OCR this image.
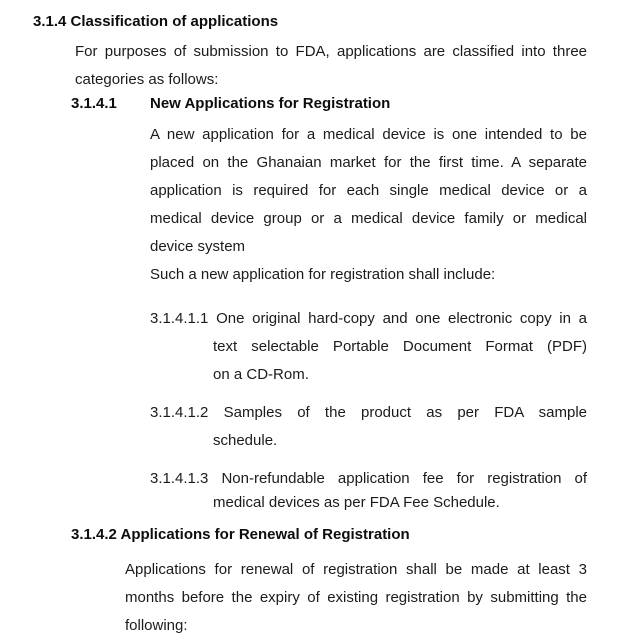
3.1.4 Classification of applications
For purposes of submission to FDA, applications are classified into three
categories as follows:
3.1.4.1	New Applications for Registration
A new application for a medical device is one intended to be
placed on the Ghanaian market for the first time. A separate
application is required for each single medical device or a
medical device group or a medical device family or medical
device system
Such a new application for registration shall include:
3.1.4.1.1 One original hard-copy and one electronic copy in a
text selectable Portable Document Format (PDF)
on a CD-Rom.
3.1.4.1.2 Samples of the product as per FDA sample
schedule.
3.1.4.1.3 Non-refundable application fee for registration of
medical devices as per FDA Fee Schedule.
3.1.4.2 Applications for Renewal of Registration
Applications for renewal of registration shall be made at least 3
months before the expiry of existing registration by submitting the
following:
